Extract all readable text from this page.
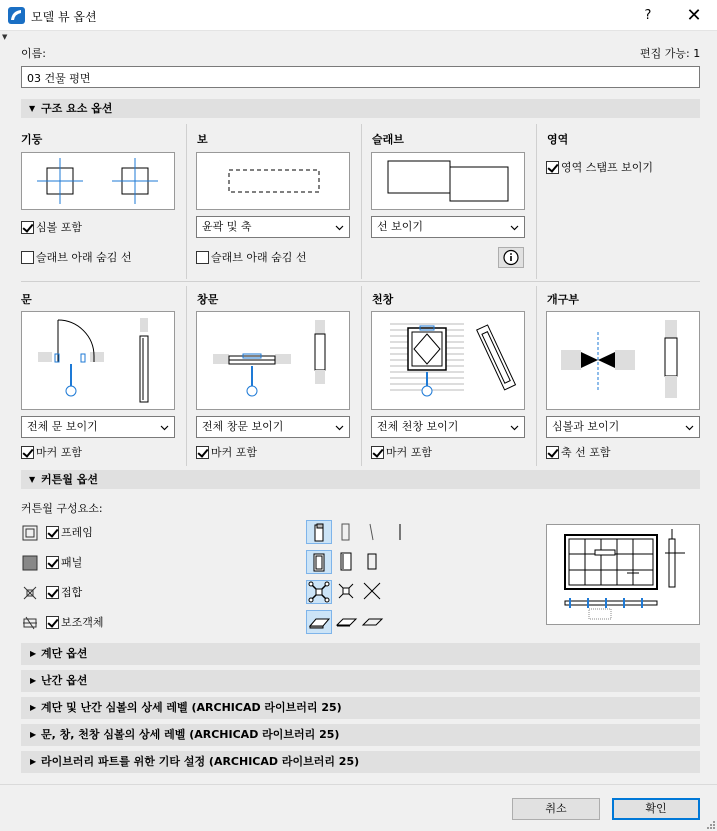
모델 뷰 옵션	?	✕
▼
이름:	편집 가능: 1
03 건물 평면
▼ 구조 요소 옵션
기둥
심볼 포함
슬래브 아래 숨김 선
보
윤곽 및 축
슬래브 아래 숨김 선
슬래브
선 보이기
영역
영역 스탬프 보이기
문
전체 문 보이기
마커 포함
창문
전체 창문 보이기
마커 포함
천창
전체 천창 보이기
마커 포함
개구부
심볼과 보이기
축 선 포함
▼ 커튼월 옵션
커튼월 구성요소:
프레임
패널
접합
보조객체
▶ 계단 옵션
▶ 난간 옵션
▶ 계단 및 난간 심볼의 상세 레벨 (ARCHICAD 라이브러리 25)
▶ 문, 창, 천창 심볼의 상세 레벨 (ARCHICAD 라이브러리 25)
▶ 라이브러리 파트를 위한 기타 설정 (ARCHICAD 라이브러리 25)
취소	확인
